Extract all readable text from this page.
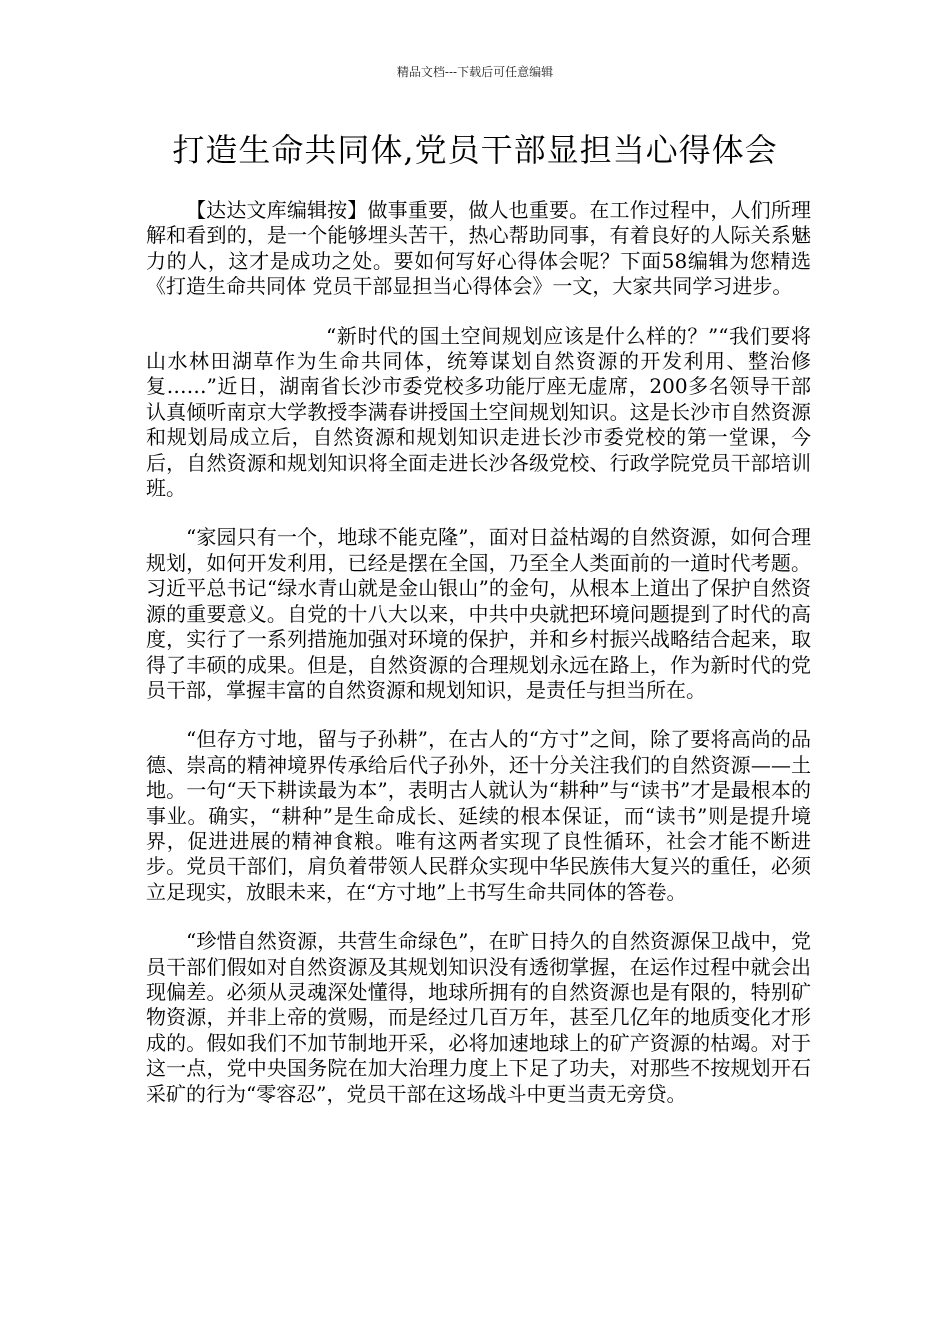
精品文档---下载后可任意编辑
打造生命共同体,党员干部显担当心得体会

【达达文库编辑按】做事重要，做人也重要。在工作过程中，人们所理解和看到的，是一个能够埋头苦干，热心帮助同事，有着良好的人际关系魅力的人，这才是成功之处。要如何写好心得体会呢？下面58编辑为您精选《打造生命共同体 党员干部显担当心得体会》一文，大家共同学习进步。

“新时代的国土空间规划应该是什么样的？”“我们要将山水林田湖草作为生命共同体，统筹谋划自然资源的开发利用、整治修复……”近日，湖南省长沙市委党校多功能厅座无虚席，200多名领导干部认真倾听南京大学教授李满春讲授国土空间规划知识。这是长沙市自然资源和规划局成立后，自然资源和规划知识走进长沙市委党校的第一堂课，今后，自然资源和规划知识将全面走进长沙各级党校、行政学院党员干部培训班。

“家园只有一个，地球不能克隆”，面对日益枯竭的自然资源，如何合理规划，如何开发利用，已经是摆在全国，乃至全人类面前的一道时代考题。习近平总书记“绿水青山就是金山银山”的金句，从根本上道出了保护自然资源的重要意义。自党的十八大以来，中共中央就把环境问题提到了时代的高度，实行了一系列措施加强对环境的保护，并和乡村振兴战略结合起来，取得了丰硕的成果。但是，自然资源的合理规划永远在路上，作为新时代的党员干部，掌握丰富的自然资源和规划知识，是责任与担当所在。

“但存方寸地，留与子孙耕”，在古人的“方寸”之间，除了要将高尚的品德、崇高的精神境界传承给后代子孙外，还十分关注我们的自然资源——土地。一句“天下耕读最为本”，表明古人就认为“耕种”与“读书”才是最根本的事业。确实，“耕种”是生命成长、延续的根本保证，而“读书”则是提升境界，促进进展的精神食粮。唯有这两者实现了良性循环，社会才能不断进步。党员干部们，肩负着带领人民群众实现中华民族伟大复兴的重任，必须立足现实，放眼未来，在“方寸地”上书写生命共同体的答卷。

“珍惜自然资源，共营生命绿色”，在旷日持久的自然资源保卫战中，党员干部们假如对自然资源及其规划知识没有透彻掌握，在运作过程中就会出现偏差。必须从灵魂深处懂得，地球所拥有的自然资源也是有限的，特别矿物资源，并非上帝的赏赐，而是经过几百万年，甚至几亿年的地质变化才形成的。假如我们不加节制地开采，必将加速地球上的矿产资源的枯竭。对于这一点，党中央国务院在加大治理力度上下足了功夫，对那些不按规划开石采矿的行为“零容忍”，党员干部在这场战斗中更当责无旁贷。
